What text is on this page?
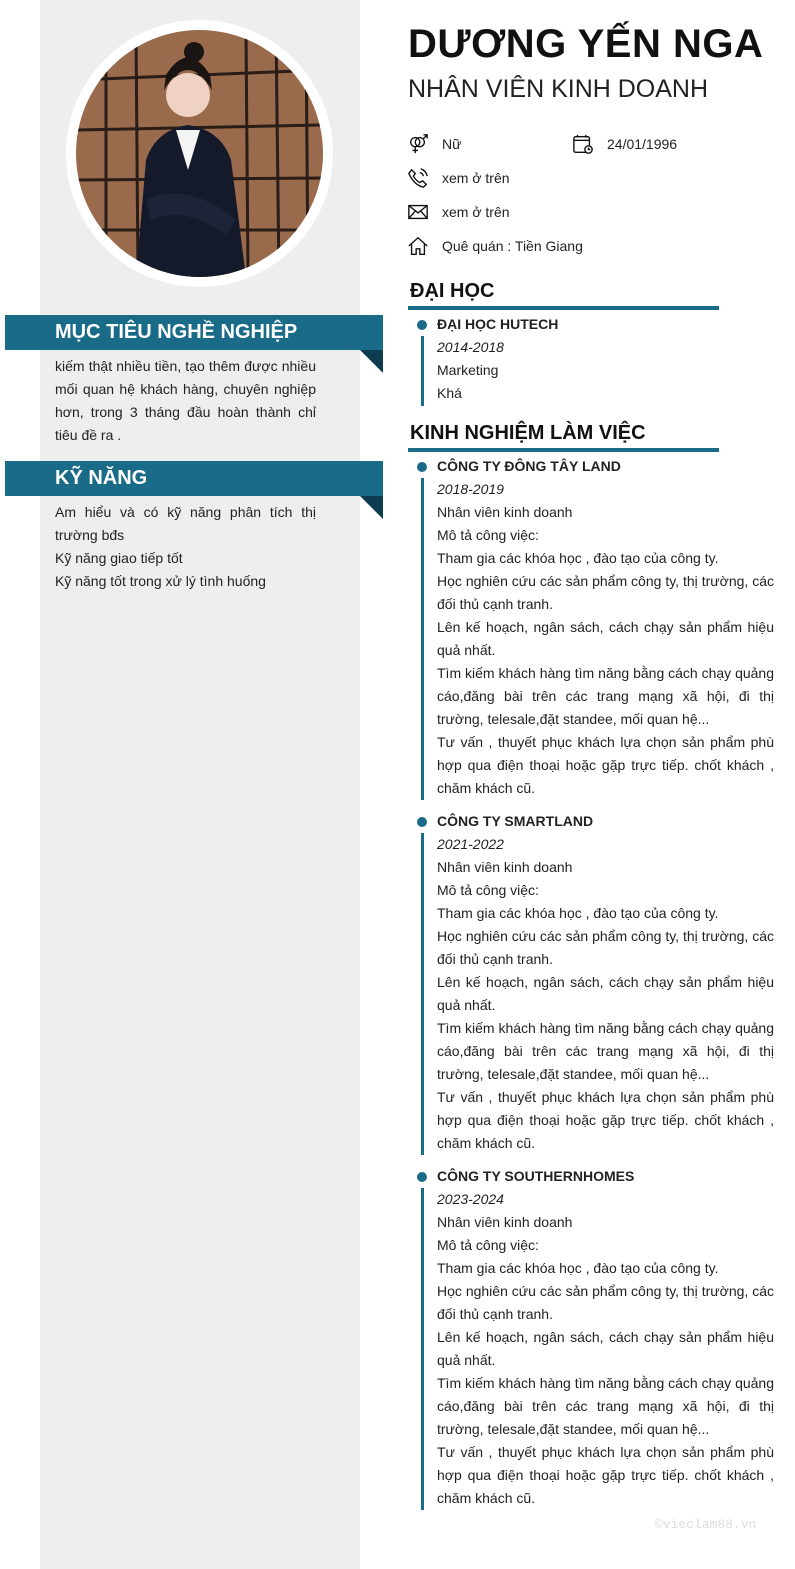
MỤC TIÊU NGHỀ NGHIỆP
kiếm thật nhiều tiền, tạo thêm được nhiều mối quan hệ khách hàng, chuyên nghiệp hơn, trong 3 tháng đầu hoàn thành chỉ tiêu đề ra .
KỸ NĂNG
Am hiểu và có kỹ năng phân tích thị trường bđs
Kỹ năng giao tiếp tốt
Kỹ năng tốt trong xử lý tình huống
DƯƠNG YẾN NGA
NHÂN VIÊN KINH DOANH
Nữ	24/01/1996
xem ở trên
xem ở trên
Quê quán : Tiền Giang
ĐẠI HỌC
ĐẠI HỌC HUTECH
2014-2018
Marketing
Khá
KINH NGHIỆM LÀM VIỆC
CÔNG TY ĐÔNG TÂY LAND
2018-2019
Nhân viên kinh doanh
Mô tả công việc:
Tham gia các khóa học , đào tạo của công ty.
Học nghiên cứu các sản phẩm công ty, thị trường, các đối thủ cạnh tranh.
Lên kế hoạch, ngân sách, cách chạy sản phẩm hiệu quả nhất.
Tìm kiếm khách hàng tìm năng bằng cách chạy quảng cáo,đăng bài trên các trang mạng xã hội, đi thị trường, telesale,đặt standee, mối quan hệ...
Tư vấn , thuyết phục khách lựa chọn sản phẩm phù hợp qua điện thoại hoặc gặp trực tiếp. chốt khách , chăm khách cũ.
CÔNG TY SMARTLAND
2021-2022
Nhân viên kinh doanh
Mô tả công việc:
Tham gia các khóa học , đào tạo của công ty.
Học nghiên cứu các sản phẩm công ty, thị trường, các đối thủ cạnh tranh.
Lên kế hoạch, ngân sách, cách chạy sản phẩm hiệu quả nhất.
Tìm kiếm khách hàng tìm năng bằng cách chạy quảng cáo,đăng bài trên các trang mạng xã hội, đi thị trường, telesale,đặt standee, mối quan hệ...
Tư vấn , thuyết phục khách lựa chọn sản phẩm phù hợp qua điện thoại hoặc gặp trực tiếp. chốt khách , chăm khách cũ.
CÔNG TY SOUTHERNHOMES
2023-2024
Nhân viên kinh doanh
Mô tả công việc:
Tham gia các khóa học , đào tạo của công ty.
Học nghiên cứu các sản phẩm công ty, thị trường, các đối thủ cạnh tranh.
Lên kế hoạch, ngân sách, cách chạy sản phẩm hiệu quả nhất.
Tìm kiếm khách hàng tìm năng bằng cách chạy quảng cáo,đăng bài trên các trang mạng xã hội, đi thị trường, telesale,đặt standee, mối quan hệ...
Tư vấn , thuyết phục khách lựa chọn sản phẩm phù hợp qua điện thoại hoặc gặp trực tiếp. chốt khách , chăm khách cũ.
©vieclam88.vn
